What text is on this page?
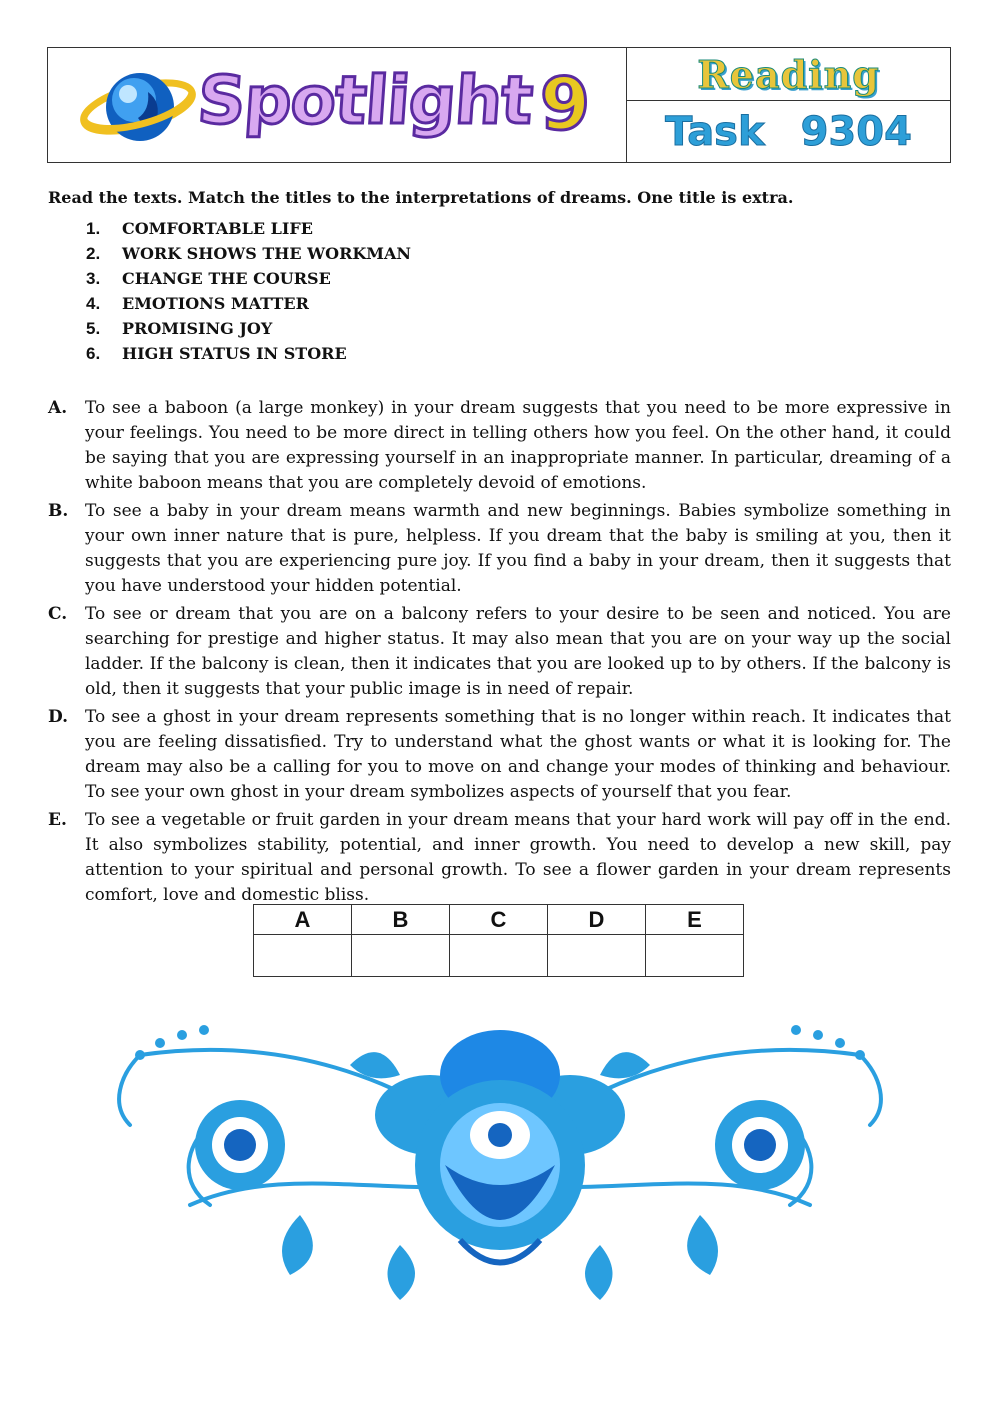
Spotlight 9	Reading
Task 9304

Read the texts. Match the titles to the interpretations of dreams. One title is extra.

1.	COMFORTABLE LIFE
2.	WORK SHOWS THE WORKMAN
3.	CHANGE THE COURSE
4.	EMOTIONS MATTER
5.	PROMISING JOY
6.	HIGH STATUS IN STORE
A.	To see a baboon (a large monkey) in your dream suggests that you need to be more expressive in your feelings. You need to be more direct in telling others how you feel. On the other hand, it could be saying that you are expressing yourself in an inappropriate manner. In particular, dreaming of a white baboon means that you are completely devoid of emotions.
B. To see a baby in your dream means warmth and new beginnings. Babies symbolize something in your own inner nature that is pure, helpless. If you dream that the baby is smiling at you, then it suggests that you are experiencing pure joy. If you find a baby in your dream, then it suggests that you have understood your hidden potential.
C.	To see or dream that you are on a balcony refers to your desire to be seen and noticed. You are searching for prestige and higher status. It may also mean that you are on your way up the social ladder. If the balcony is clean, then it indicates that you are looked up to by others. If the balcony is old, then it suggests that your public image is in need of repair.
D. To see a ghost in your dream represents something that is no longer within reach. It indicates that you are feeling dissatisfied. Try to understand what the ghost wants or what it is looking for. The dream may also be a calling for you to move on and change your modes of thinking and behaviour. To see your own ghost in your dream symbolizes aspects of yourself that you fear.
E.	To see a vegetable or fruit garden in your dream means that your hard work will pay off in the end. It also symbolizes stability, potential, and inner growth. You need to develop a new skill, pay attention to your spiritual and personal growth. To see a flower garden in your dream represents comfort, love and domestic bliss.
A	B	C	D	E
